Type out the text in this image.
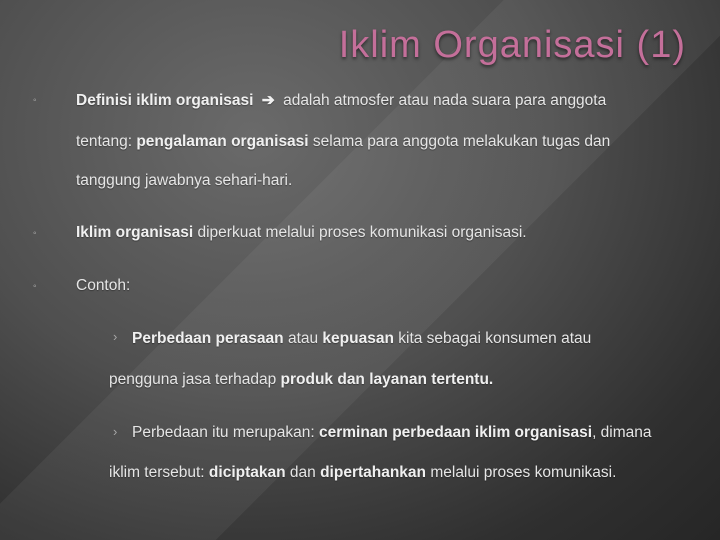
Iklim Organisasi (1)
◦	Definisi iklim organisasi ➔ adalah atmosfer atau nada suara para anggota
tentang: pengalaman organisasi selama para anggota melakukan tugas dan
tanggung jawabnya sehari-hari.
◦	Iklim organisasi diperkuat melalui proses komunikasi organisasi.
◦	Contoh:
› Perbedaan perasaan atau kepuasan kita sebagai konsumen atau
pengguna jasa terhadap produk dan layanan tertentu.
› Perbedaan itu merupakan: cerminan perbedaan iklim organisasi, dimana
iklim tersebut: diciptakan dan dipertahankan melalui proses komunikasi.
